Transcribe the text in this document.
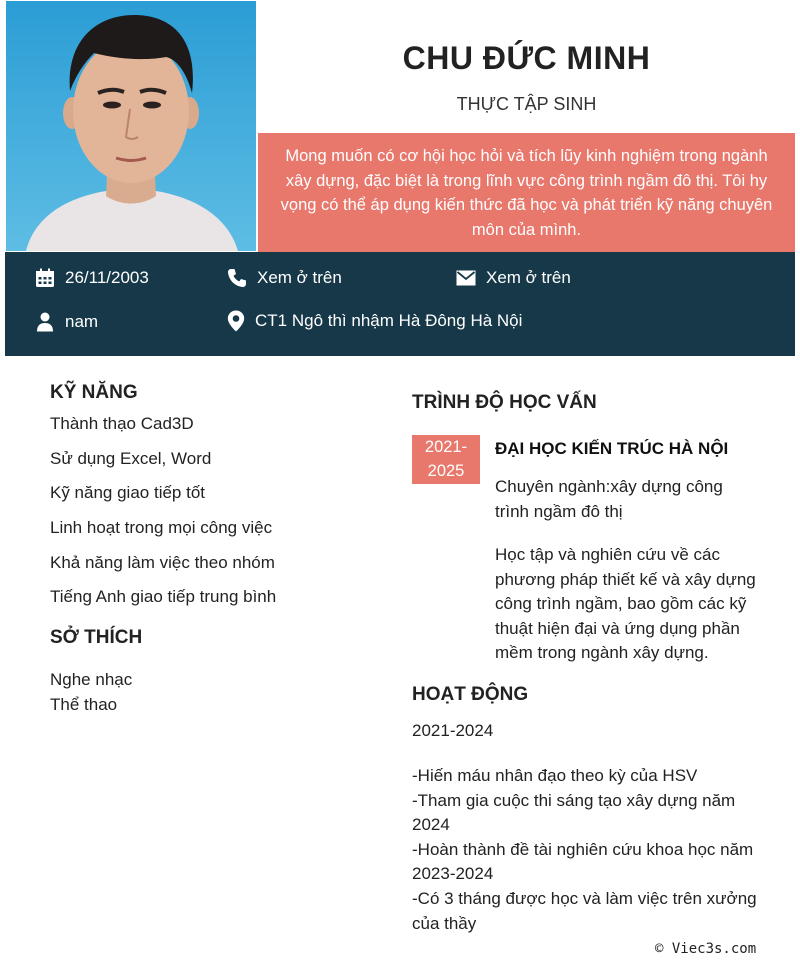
CHU ĐỨC MINH
THỰC TẬP SINH
Mong muốn có cơ hội học hỏi và tích lũy kinh nghiệm trong ngành xây dựng, đặc biệt là trong lĩnh vực công trình ngầm đô thị. Tôi hy vọng có thể áp dụng kiến thức đã học và phát triển kỹ năng chuyên môn của mình.
26/11/2003	Xem ở trên	Xem ở trên
nam	CT1 Ngô thì nhậm Hà Đông Hà Nội
KỸ NĂNG
Thành thạo Cad3D
Sử dụng Excel, Word
Kỹ năng giao tiếp tốt
Linh hoạt trong mọi công việc
Khả năng làm việc theo nhóm
Tiếng Anh giao tiếp trung bình
SỞ THÍCH
Nghe nhạc
Thể thao
TRÌNH ĐỘ HỌC VẤN
2021-
2025
ĐẠI HỌC KIẾN TRÚC HÀ NỘI
Chuyên ngành:xây dựng công trình ngầm đô thị
Học tập và nghiên cứu về các phương pháp thiết kế và xây dựng công trình ngầm, bao gồm các kỹ thuật hiện đại và ứng dụng phần mềm trong ngành xây dựng.
HOẠT ĐỘNG
2021-2024
-Hiến máu nhân đạo theo kỳ của HSV
-Tham gia cuộc thi sáng tạo xây dựng năm 2024
-Hoàn thành đề tài nghiên cứu khoa học năm 2023-2024
-Có 3 tháng được học và làm việc trên xưởng của thầy
© Viec3s.com
